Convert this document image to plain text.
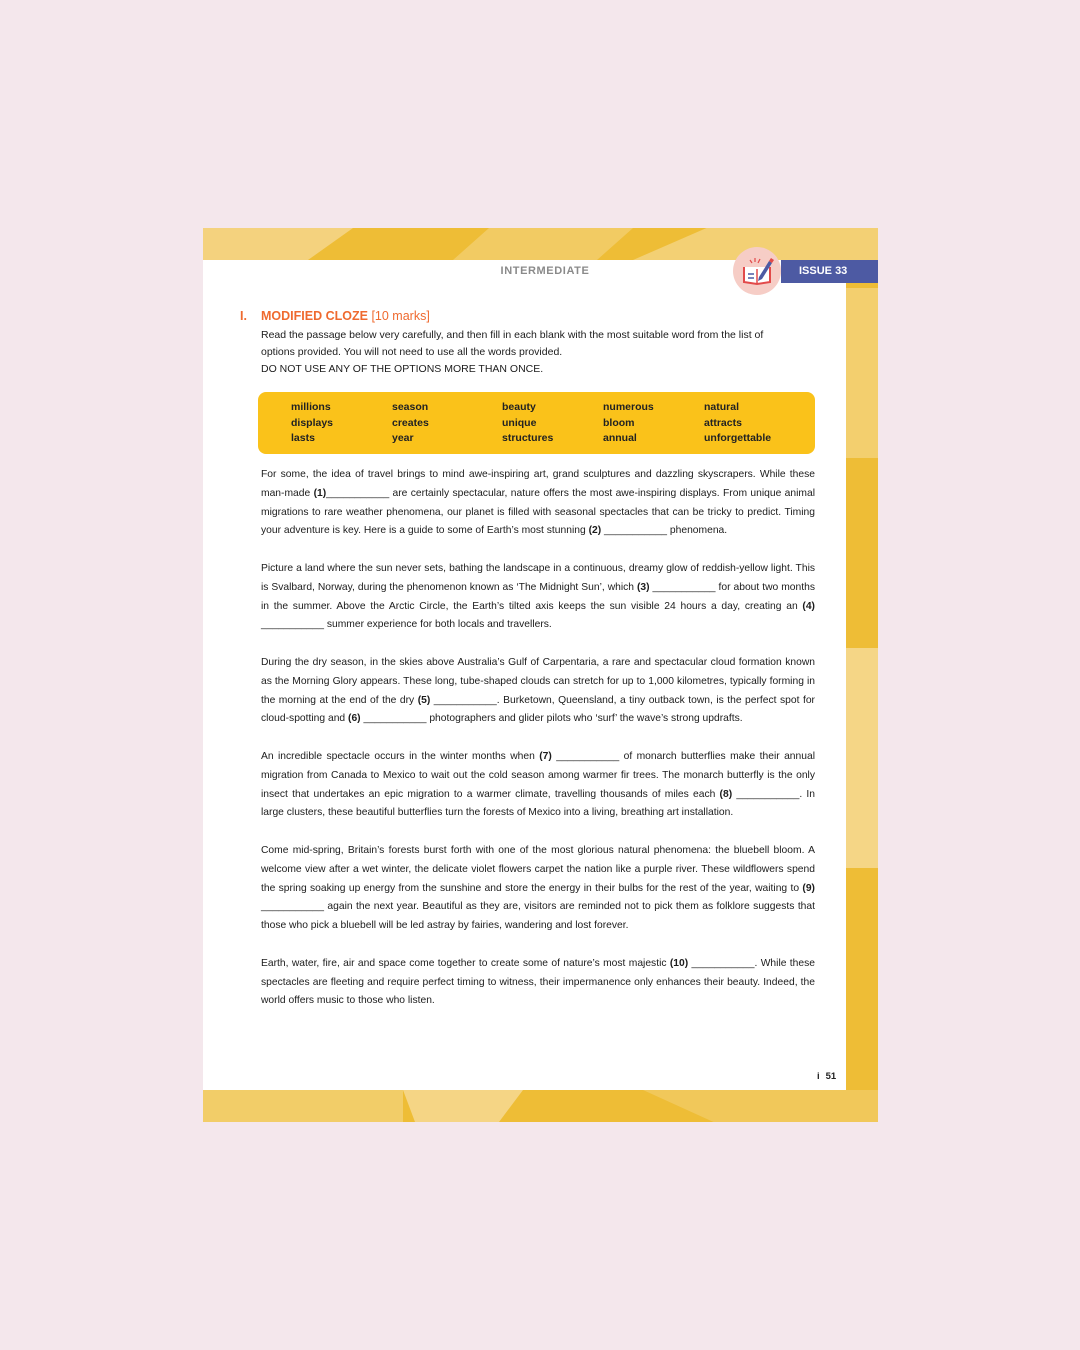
INTERMEDIATE	ISSUE 33
I. MODIFIED CLOZE [10 marks]
Read the passage below very carefully, and then fill in each blank with the most suitable word from the list of
options provided. You will not need to use all the words provided.
DO NOT USE ANY OF THE OPTIONS MORE THAN ONCE.
millions
displays
lasts
season
creates
year
beauty
unique
structures
numerous
bloom
annual
natural
attracts
unforgettable

For some, the idea of travel brings to mind awe-inspiring art, grand sculptures and dazzling skyscrapers. While these man-made (1)___________ are certainly spectacular, nature offers the most awe-inspiring displays. From unique animal migrations to rare weather phenomena, our planet is filled with seasonal spectacles that can be tricky to predict. Timing your adventure is key. Here is a guide to some of Earth’s most stunning (2) ___________ phenomena.

Picture a land where the sun never sets, bathing the landscape in a continuous, dreamy glow of reddish-yellow light. This is Svalbard, Norway, during the phenomenon known as ‘The Midnight Sun’, which (3) ___________ for about two months in the summer. Above the Arctic Circle, the Earth’s tilted axis keeps the sun visible 24 hours a day, creating an (4) ___________ summer experience for both locals and travellers.

During the dry season, in the skies above Australia’s Gulf of Carpentaria, a rare and spectacular cloud formation known as the Morning Glory appears. These long, tube-shaped clouds can stretch for up to 1,000 kilometres, typically forming in the morning at the end of the dry (5) ___________. Burketown, Queensland, a tiny outback town, is the perfect spot for cloud-spotting and (6) ___________ photographers and glider pilots who ‘surf’ the wave’s strong updrafts.

An incredible spectacle occurs in the winter months when (7) ___________ of monarch butterflies make their annual migration from Canada to Mexico to wait out the cold season among warmer fir trees. The monarch butterfly is the only insect that undertakes an epic migration to a warmer climate, travelling thousands of miles each (8) ___________. In large clusters, these beautiful butterflies turn the forests of Mexico into a living, breathing art installation.

Come mid-spring, Britain’s forests burst forth with one of the most glorious natural phenomena: the bluebell bloom. A welcome view after a wet winter, the delicate violet flowers carpet the nation like a purple river. These wildflowers spend the spring soaking up energy from the sunshine and store the energy in their bulbs for the rest of the year, waiting to (9) ___________ again the next year. Beautiful as they are, visitors are reminded not to pick them as folklore suggests that those who pick a bluebell will be led astray by fairies, wandering and lost forever.

Earth, water, fire, air and space come together to create some of nature’s most majestic (10) ___________. While these spectacles are fleeting and require perfect timing to witness, their impermanence only enhances their beauty. Indeed, the world offers music to those who listen.

i 51
